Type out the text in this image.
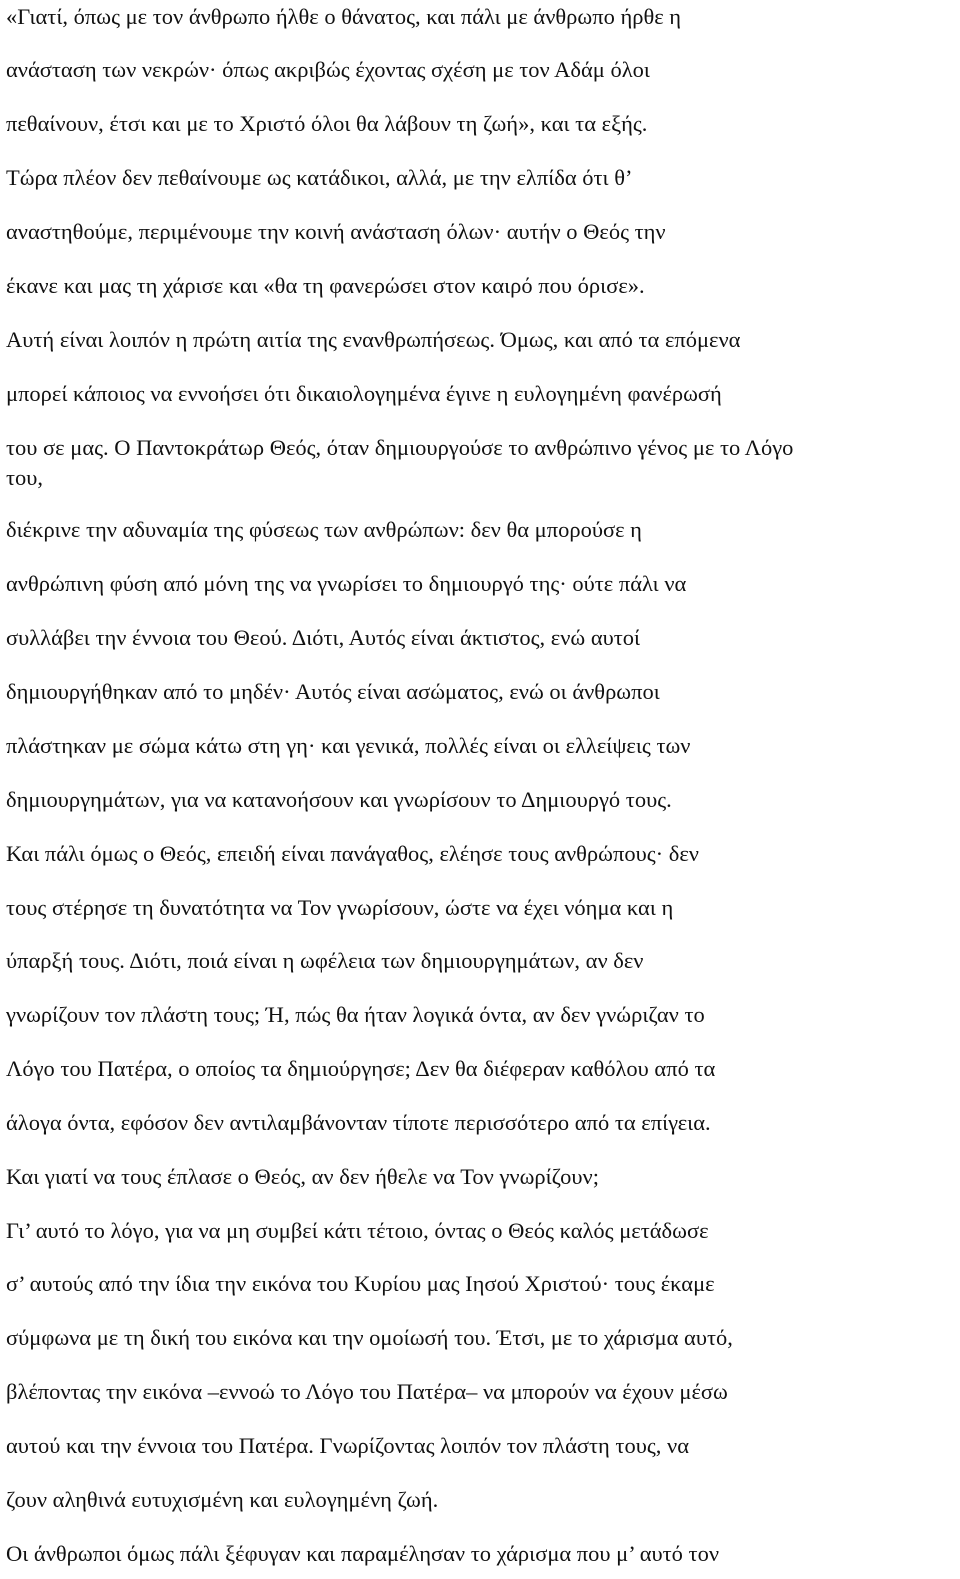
«Γιατί, όπως με τον άνθρωπο ήλθε ο θάνατος, και πάλι με άνθρωπο ήρθε η

ανάσταση των νεκρών· όπως ακριβώς έχοντας σχέση με τον Αδάμ όλοι

πεθαίνουν, έτσι και με το Χριστό όλοι θα λάβουν τη ζωή», και τα εξής.

Τώρα πλέον δεν πεθαίνουμε ως κατάδικοι, αλλά, με την ελπίδα ότι θ’

αναστηθούμε, περιμένουμε την κοινή ανάσταση όλων· αυτήν ο Θεός την

έκανε και μας τη χάρισε και «θα τη φανερώσει στον καιρό που όρισε».

Αυτή είναι λοιπόν η πρώτη αιτία της ενανθρωπήσεως. Όμως, και από τα επόμενα

μπορεί κάποιος να εννοήσει ότι δικαιολογημένα έγινε η ευλογημένη φανέρωσή

του σε μας. Ο Παντοκράτωρ Θεός, όταν δημιουργούσε το ανθρώπινο γένος με το Λόγο

του,

διέκρινε την αδυναμία της φύσεως των ανθρώπων: δεν θα μπορούσε η

ανθρώπινη φύση από μόνη της να γνωρίσει το δημιουργό της· ούτε πάλι να

συλλάβει την έννοια του Θεού. Διότι, Αυτός είναι άκτιστος, ενώ αυτοί

δημιουργήθηκαν από το μηδέν· Αυτός είναι ασώματος, ενώ οι άνθρωποι

πλάστηκαν με σώμα κάτω στη γη· και γενικά, πολλές είναι οι ελλείψεις των

δημιουργημάτων, για να κατανοήσουν και γνωρίσουν το Δημιουργό τους.

Και πάλι όμως ο Θεός, επειδή είναι πανάγαθος, ελέησε τους ανθρώπους· δεν

τους στέρησε τη δυνατότητα να Τον γνωρίσουν, ώστε να έχει νόημα και η

ύπαρξή τους. Διότι, ποιά είναι η ωφέλεια των δημιουργημάτων, αν δεν

γνωρίζουν τον πλάστη τους; Ή, πώς θα ήταν λογικά όντα, αν δεν γνώριζαν το

Λόγο του Πατέρα, ο οποίος τα δημιούργησε; Δεν θα διέφεραν καθόλου από τα

άλογα όντα, εφόσον δεν αντιλαμβάνονταν τίποτε περισσότερο από τα επίγεια.

Και γιατί να τους έπλασε ο Θεός, αν δεν ήθελε να Τον γνωρίζουν;

Γι’ αυτό το λόγο, για να μη συμβεί κάτι τέτοιο, όντας ο Θεός καλός μετάδωσε

σ’ αυτούς από την ίδια την εικόνα του Κυρίου μας Ιησού Χριστού· τους έκαμε

σύμφωνα με τη δική του εικόνα και την ομοίωσή του. Έτσι, με το χάρισμα αυτό,

βλέποντας την εικόνα –εννοώ το Λόγο του Πατέρα– να μπορούν να έχουν μέσω

αυτού και την έννοια του Πατέρα. Γνωρίζοντας λοιπόν τον πλάστη τους, να

ζουν αληθινά ευτυχισμένη και ευλογημένη ζωή.

Οι άνθρωποι όμως πάλι ξέφυγαν και παραμέλησαν το χάρισμα που μ’ αυτό τον
